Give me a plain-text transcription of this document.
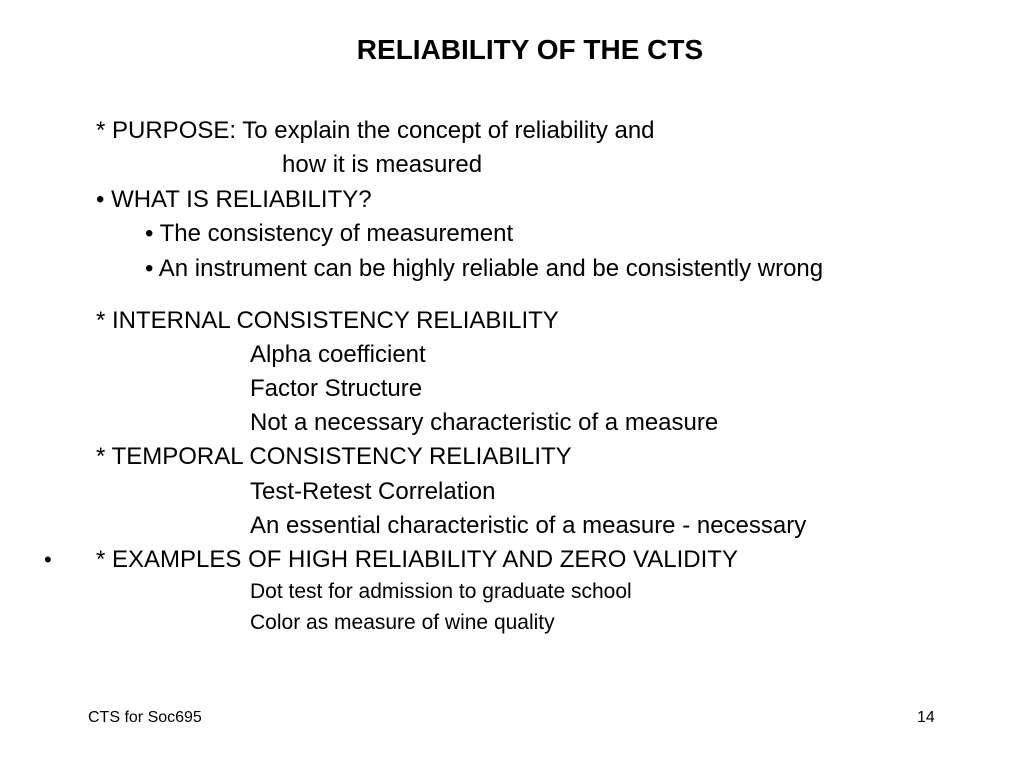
RELIABILITY OF THE CTS
* PURPOSE: To explain the concept of reliability and
how it is measured
• WHAT IS RELIABILITY?
• The consistency of measurement
• An instrument can be highly reliable and be consistently wrong
* INTERNAL CONSISTENCY RELIABILITY
Alpha coefficient
Factor Structure
Not a necessary characteristic of a measure
* TEMPORAL CONSISTENCY RELIABILITY
Test-Retest Correlation
An essential characteristic of a measure - necessary
• * EXAMPLES OF HIGH RELIABILITY AND ZERO VALIDITY
Dot test for admission to graduate school
Color as measure of wine quality
CTS for Soc695	14
